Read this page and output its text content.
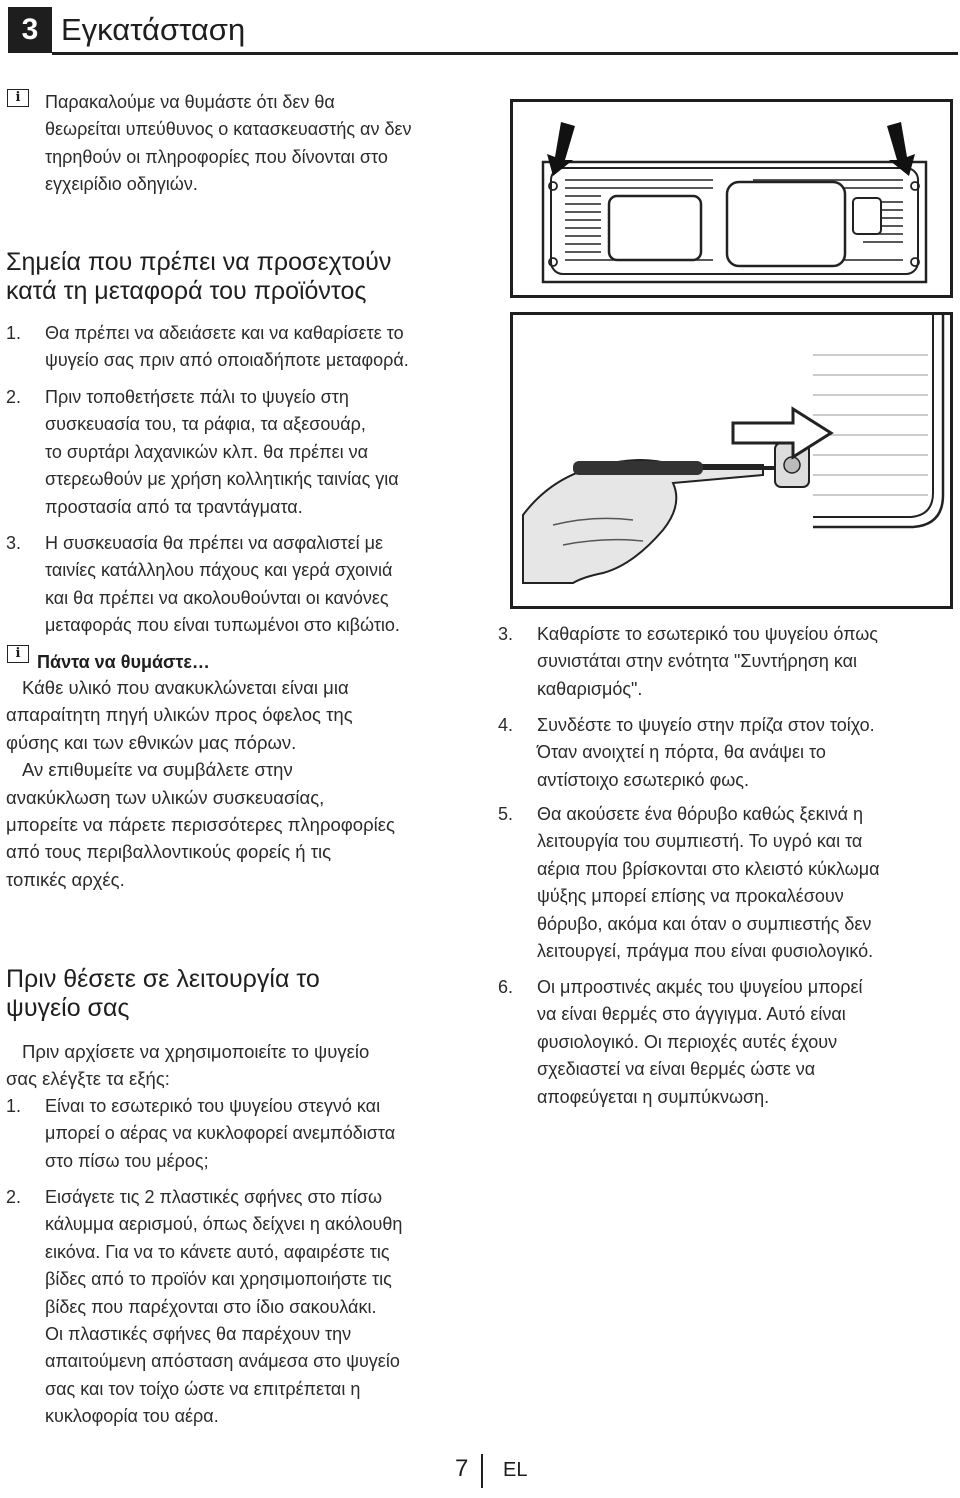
3 Εγκατάσταση
i	Παρακαλούμε να θυμάστε ότι δεν θα
θεωρείται υπεύθυνος ο κατασκευαστής αν δεν
τηρηθούν οι πληροφορίες που δίνονται στο
εγχειρίδιο οδηγιών.
Σημεία που πρέπει να προσεχτούν
κατά τη μεταφορά του προϊόντος
1. Θα πρέπει να αδειάσετε και να καθαρίσετε το
ψυγείο σας πριν από οποιαδήποτε μεταφορά.
2. Πριν τοποθετήσετε πάλι το ψυγείο στη
συσκευασία του, τα ράφια, τα αξεσουάρ,
το συρτάρι λαχανικών κλπ. θα πρέπει να
στερεωθούν με χρήση κολλητικής ταινίας για
προστασία από τα τραντάγματα.
3. Η συσκευασία θα πρέπει να ασφαλιστεί με
ταινίες κατάλληλου πάχους και γερά σχοινιά
και θα πρέπει να ακολουθούνται οι κανόνες
μεταφοράς που είναι τυπωμένοι στο κιβώτιο.
i Πάντα να θυμάστε…
Κάθε υλικό που ανακυκλώνεται είναι μια
απαραίτητη πηγή υλικών προς όφελος της
φύσης και των εθνικών μας πόρων.
Αν επιθυμείτε να συμβάλετε στην
ανακύκλωση των υλικών συσκευασίας,
μπορείτε να πάρετε περισσότερες πληροφορίες
από τους περιβαλλοντικούς φορείς ή τις
τοπικές αρχές.
Πριν θέσετε σε λειτουργία το
ψυγείο σας
Πριν αρχίσετε να χρησιμοποιείτε το ψυγείο
σας ελέγξτε τα εξής:
1. Είναι το εσωτερικό του ψυγείου στεγνό και
μπορεί ο αέρας να κυκλοφορεί ανεμπόδιστα
στο πίσω του μέρος;
2. Εισάγετε τις 2 πλαστικές σφήνες στο πίσω
κάλυμμα αερισμού, όπως δείχνει η ακόλουθη
εικόνα. Για να το κάνετε αυτό, αφαιρέστε τις
βίδες από το προϊόν και χρησιμοποιήστε τις
βίδες που παρέχονται στο ίδιο σακουλάκι.
Οι πλαστικές σφήνες θα παρέχουν την
απαιτούμενη απόσταση ανάμεσα στο ψυγείο
σας και τον τοίχο ώστε να επιτρέπεται η
κυκλοφορία του αέρα.
3. Καθαρίστε το εσωτερικό του ψυγείου όπως
συνιστάται στην ενότητα "Συντήρηση και
καθαρισμός".
4. Συνδέστε το ψυγείο στην πρίζα στον τοίχο.
Όταν ανοιχτεί η πόρτα, θα ανάψει το
αντίστοιχο εσωτερικό φως.
5. Θα ακούσετε ένα θόρυβο καθώς ξεκινά η
λειτουργία του συμπιεστή. Το υγρό και τα
αέρια που βρίσκονται στο κλειστό κύκλωμα
ψύξης μπορεί επίσης να προκαλέσουν
θόρυβο, ακόμα και όταν ο συμπιεστής δεν
λειτουργεί, πράγμα που είναι φυσιολογικό.
6. Οι μπροστινές ακμές του ψυγείου μπορεί
να είναι θερμές στο άγγιγμα. Αυτό είναι
φυσιολογικό. Οι περιοχές αυτές έχουν
σχεδιαστεί να είναι θερμές ώστε να
αποφεύγεται η συμπύκνωση.
7 EL
